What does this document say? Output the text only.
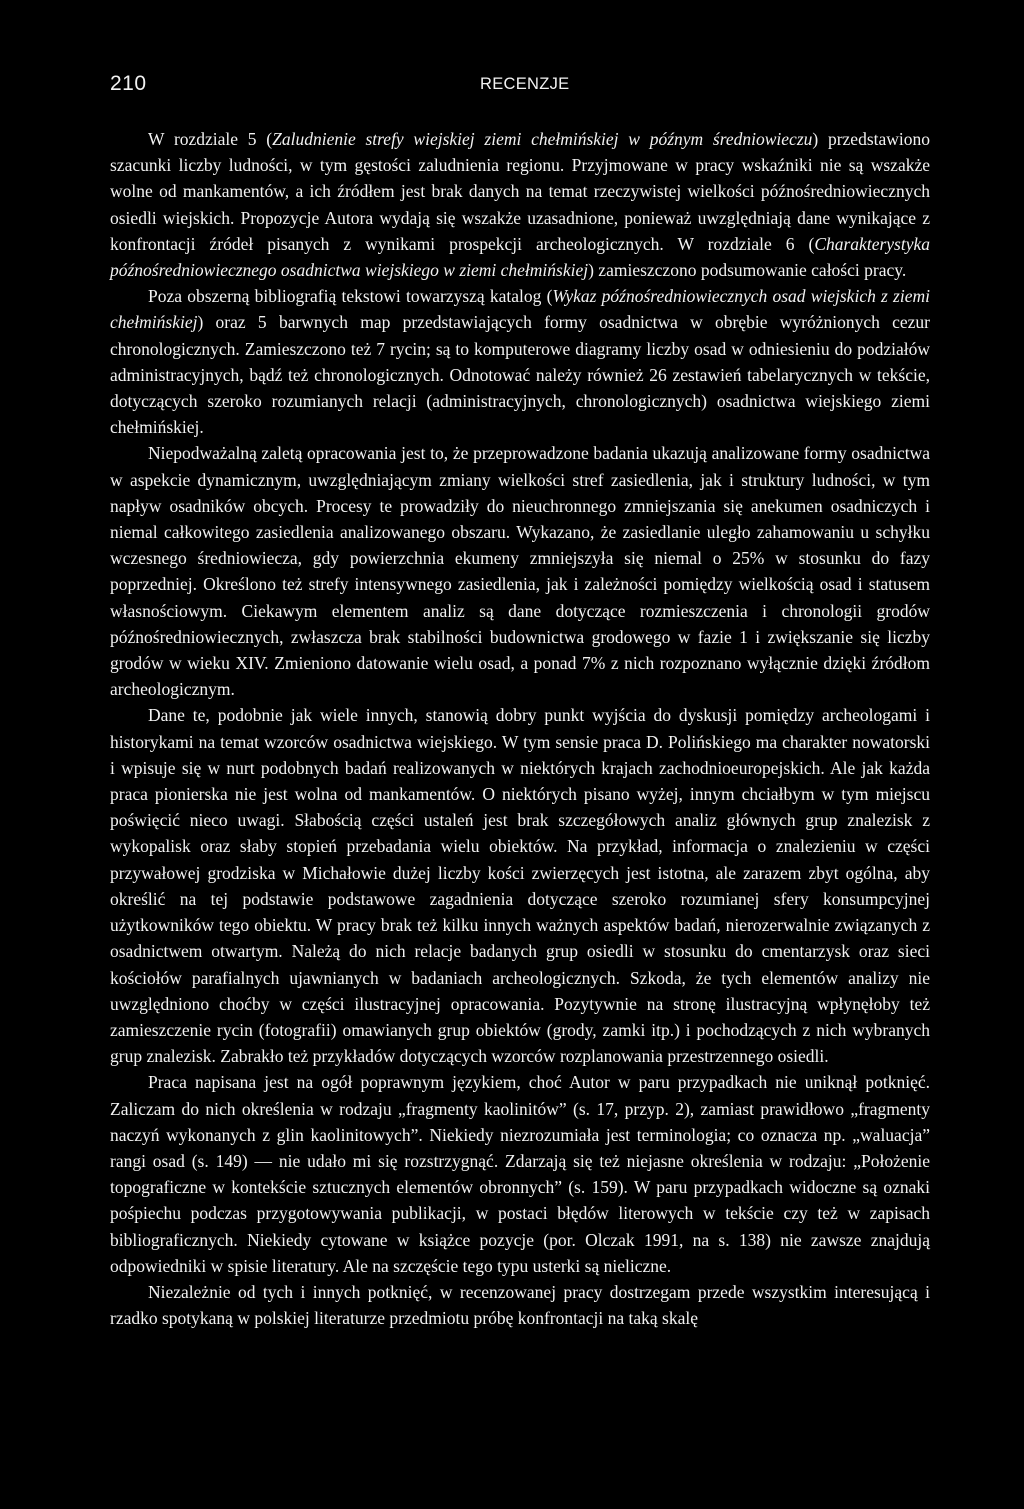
210	RECENZJE

W rozdziale 5 (Zaludnienie strefy wiejskiej ziemi chełmińskiej w późnym średniowieczu) przedstawiono szacunki liczby ludności, w tym gęstości zaludnienia regionu. Przyjmowane w pracy wskaźniki nie są wszakże wolne od mankamentów, a ich źródłem jest brak danych na temat rzeczywistej wielkości późnośredniowiecznych osiedli wiejskich. Propozycje Autora wydają się wszakże uzasadnione, ponieważ uwzględniają dane wynikające z konfrontacji źródeł pisanych z wynikami prospekcji archeologicznych. W rozdziale 6 (Charakterystyka późnośredniowiecznego osadnictwa wiejskiego w ziemi chełmińskiej) zamieszczono podsumowanie całości pracy.

Poza obszerną bibliografią tekstowi towarzyszą katalog (Wykaz późnośredniowiecznych osad wiejskich z ziemi chełmińskiej) oraz 5 barwnych map przedstawiających formy osadnictwa w obrębie wyróżnionych cezur chronologicznych. Zamieszczono też 7 rycin; są to komputerowe diagramy liczby osad w odniesieniu do podziałów administracyjnych, bądź też chronologicznych. Odnotować należy również 26 zestawień tabelarycznych w tekście, dotyczących szeroko rozumianych relacji (administracyjnych, chronologicznych) osadnictwa wiejskiego ziemi chełmińskiej.

Niepodważalną zaletą opracowania jest to, że przeprowadzone badania ukazują analizowane formy osadnictwa w aspekcie dynamicznym, uwzględniającym zmiany wielkości stref zasiedlenia, jak i struktury ludności, w tym napływ osadników obcych. Procesy te prowadziły do nieuchronnego zmniejszania się anekumen osadniczych i niemal całkowitego zasiedlenia analizowanego obszaru. Wykazano, że zasiedlanie uległo zahamowaniu u schyłku wczesnego średniowiecza, gdy powierzchnia ekumeny zmniejszyła się niemal o 25% w stosunku do fazy poprzedniej. Określono też strefy intensywnego zasiedlenia, jak i zależności pomiędzy wielkością osad i statusem własnościowym. Ciekawym elementem analiz są dane dotyczące rozmieszczenia i chronologii grodów późnośredniowiecznych, zwłaszcza brak stabilności budownictwa grodowego w fazie 1 i zwiększanie się liczby grodów w wieku XIV. Zmieniono datowanie wielu osad, a ponad 7% z nich rozpoznano wyłącznie dzięki źródłom archeologicznym.

Dane te, podobnie jak wiele innych, stanowią dobry punkt wyjścia do dyskusji pomiędzy archeologami i historykami na temat wzorców osadnictwa wiejskiego. W tym sensie praca D. Polińskiego ma charakter nowatorski i wpisuje się w nurt podobnych badań realizowanych w niektórych krajach zachodnioeuropejskich. Ale jak każda praca pionierska nie jest wolna od mankamentów. O niektórych pisano wyżej, innym chciałbym w tym miejscu poświęcić nieco uwagi. Słabością części ustaleń jest brak szczegółowych analiz głównych grup znalezisk z wykopalisk oraz słaby stopień przebadania wielu obiektów. Na przykład, informacja o znalezieniu w części przywałowej grodziska w Michałowie dużej liczby kości zwierzęcych jest istotna, ale zarazem zbyt ogólna, aby określić na tej podstawie podstawowe zagadnienia dotyczące szeroko rozumianej sfery konsumpcyjnej użytkowników tego obiektu. W pracy brak też kilku innych ważnych aspektów badań, nierozerwalnie związanych z osadnictwem otwartym. Należą do nich relacje badanych grup osiedli w stosunku do cmentarzysk oraz sieci kościołów parafialnych ujawnianych w badaniach archeologicznych. Szkoda, że tych elementów analizy nie uwzględniono choćby w części ilustracyjnej opracowania. Pozytywnie na stronę ilustracyjną wpłynęłoby też zamieszczenie rycin (fotografii) omawianych grup obiektów (grody, zamki itp.) i pochodzących z nich wybranych grup znalezisk. Zabrakło też przykładów dotyczących wzorców rozplanowania przestrzennego osiedli.

Praca napisana jest na ogół poprawnym językiem, choć Autor w paru przypadkach nie uniknął potknięć. Zaliczam do nich określenia w rodzaju „fragmenty kaolinitów” (s. 17, przyp. 2), zamiast prawidłowo „fragmenty naczyń wykonanych z glin kaolinitowych”. Niekiedy niezrozumiała jest terminologia; co oznacza np. „waluacja” rangi osad (s. 149) — nie udało mi się rozstrzygnąć. Zdarzają się też niejasne określenia w rodzaju: „Położenie topograficzne w kontekście sztucznych elementów obronnych” (s. 159). W paru przypadkach widoczne są oznaki pośpiechu podczas przygotowywania publikacji, w postaci błędów literowych w tekście czy też w zapisach bibliograficznych. Niekiedy cytowane w książce pozycje (por. Olczak 1991, na s. 138) nie zawsze znajdują odpowiedniki w spisie literatury. Ale na szczęście tego typu usterki są nieliczne.

Niezależnie od tych i innych potknięć, w recenzowanej pracy dostrzegam przede wszystkim interesującą i rzadko spotykaną w polskiej literaturze przedmiotu próbę konfrontacji na taką skalę
